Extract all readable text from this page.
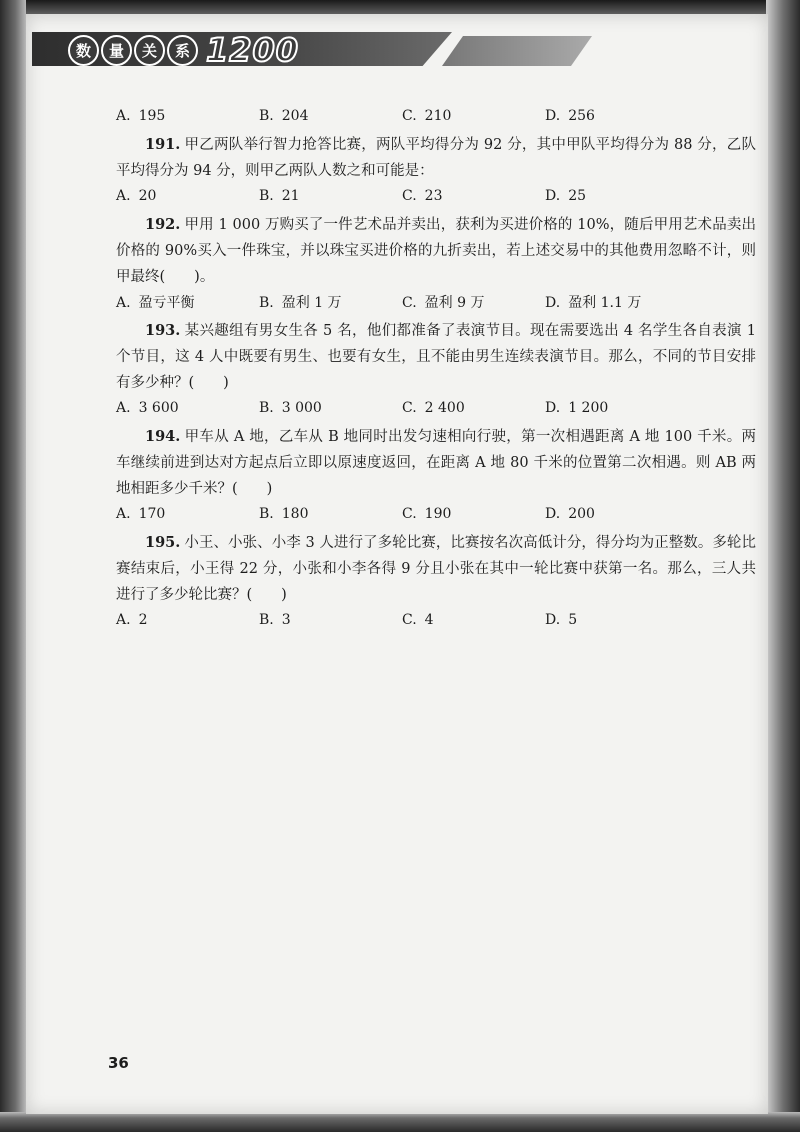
数	量	关	系 1200
A. 195	B. 204	C. 210	D. 256
191. 甲乙两队举行智力抢答比赛，两队平均得分为 92 分，其中甲队平均得分为 88 分，乙队平均得分为 94 分，则甲乙两队人数之和可能是：
A. 20	B. 21	C. 23	D. 25
192. 甲用 1 000 万购买了一件艺术品并卖出，获利为买进价格的 10%，随后甲用艺术品卖出价格的 90%买入一件珠宝，并以珠宝买进价格的九折卖出，若上述交易中的其他费用忽略不计，则甲最终(　　)。
A. 盈亏平衡	B. 盈利 1 万	C. 盈利 9 万	D. 盈利 1.1 万
193. 某兴趣组有男女生各 5 名，他们都准备了表演节目。现在需要选出 4 名学生各自表演 1 个节目，这 4 人中既要有男生、也要有女生，且不能由男生连续表演节目。那么，不同的节目安排有多少种？(　　)
A. 3 600	B. 3 000	C. 2 400	D. 1 200
194. 甲车从 A 地，乙车从 B 地同时出发匀速相向行驶，第一次相遇距离 A 地 100 千米。两车继续前进到达对方起点后立即以原速度返回，在距离 A 地 80 千米的位置第二次相遇。则 AB 两地相距多少千米？(　　)
A. 170	B. 180	C. 190	D. 200
195. 小王、小张、小李 3 人进行了多轮比赛，比赛按名次高低计分，得分均为正整数。多轮比赛结束后，小王得 22 分，小张和小李各得 9 分且小张在其中一轮比赛中获第一名。那么，三人共进行了多少轮比赛？(　　)
A. 2	B. 3	C. 4	D. 5
36
